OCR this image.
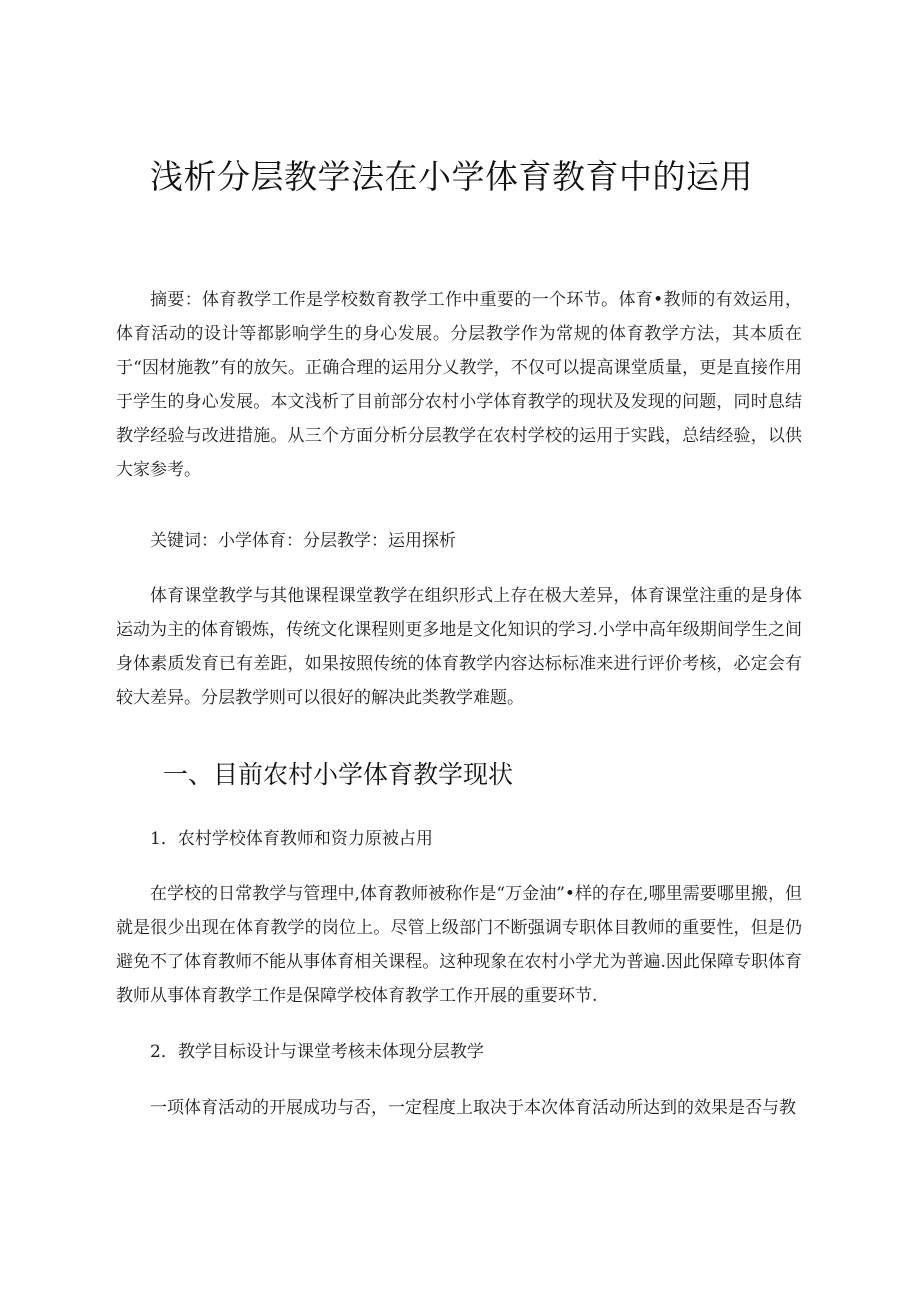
浅析分层教学法在小学体育教育中的运用
摘要：体育教学工作是学校数育教学工作中重要的一个环节。体育•教师的有效运用，体育活动的设计等都影响学生的身心发展。分层教学作为常规的体育教学方法，其本质在于“因材施教”有的放矢。正确合理的运用分乂教学，不仅可以提高课堂质量，更是直接作用于学生的身心发展。本文浅析了目前部分农村小学体育教学的现状及发现的问题，同时息结教学经验与改进措施。从三个方面分析分层教学在农村学校的运用于实践，总结经验，以供大家参考。
关键词：小学体育：分层教学：运用探析
体育课堂教学与其他课程课堂教学在组织形式上存在极大差异，体育课堂注重的是身体运动为主的体育锻炼，传统文化课程则更多地是文化知识的学习.小学中高年级期间学生之间身体素质发育已有差距，如果按照传统的体育教学内容达标标准来进行评价考核，必定会有较大差异。分层教学则可以很好的解决此类教学难题。
一、目前农村小学体育教学现状
1．农村学校体育教师和资力原被占用
在学校的日常教学与管理中,体育教师被称作是“万金油”•样的存在,哪里需要哪里搬，但就是很少出现在体育教学的岗位上。尽管上级部门不断强调专职体目教师的重要性，但是仍避免不了体育教师不能从事体育相关课程。这种现象在农村小学尤为普遍.因此保障专职体育教师从事体育教学工作是保障学校体育教学工作开展的重要环节.
2．教学目标设计与课堂考核未体现分层教学
一项体育活动的开展成功与否，一定程度上取决于本次体育活动所达到的效果是否与教
